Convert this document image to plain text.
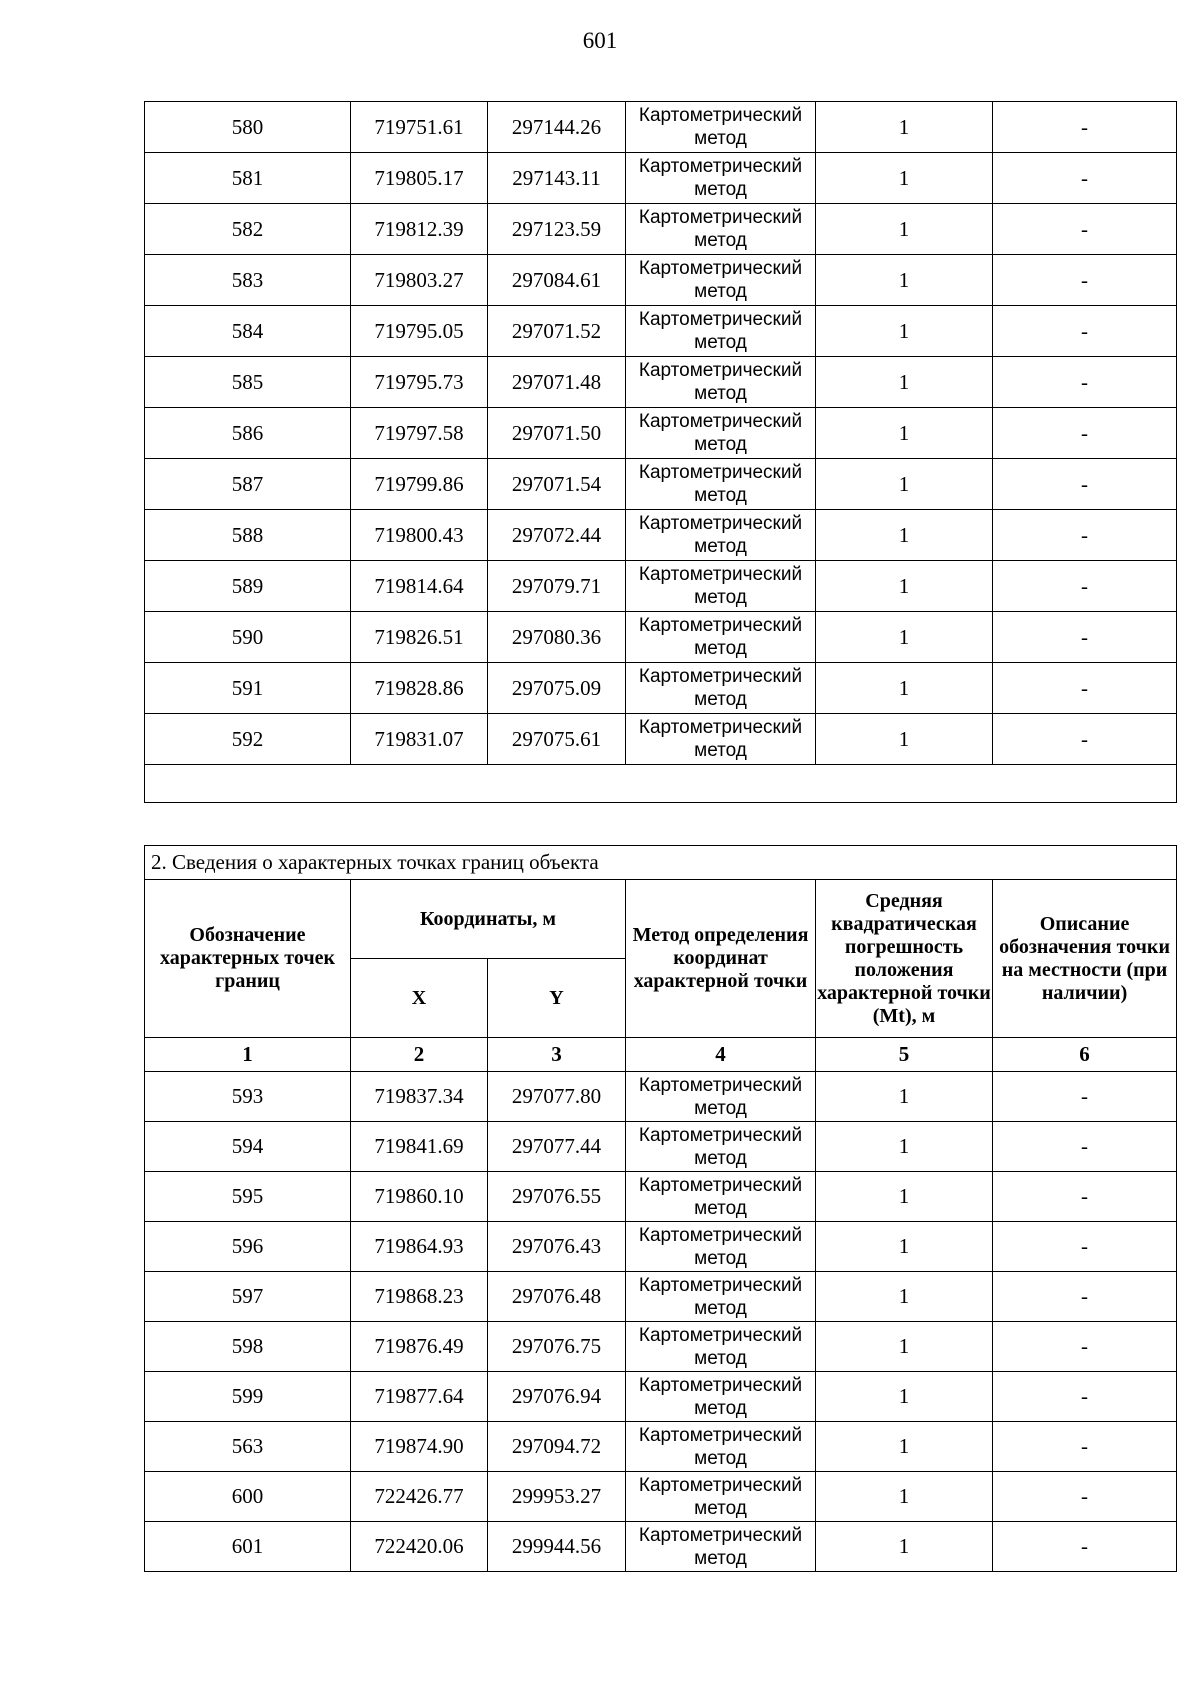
601
580	719751.61	297144.26	Картометрический метод	1	-
581	719805.17	297143.11	Картометрический метод	1	-
582	719812.39	297123.59	Картометрический метод	1	-
583	719803.27	297084.61	Картометрический метод	1	-
584	719795.05	297071.52	Картометрический метод	1	-
585	719795.73	297071.48	Картометрический метод	1	-
586	719797.58	297071.50	Картометрический метод	1	-
587	719799.86	297071.54	Картометрический метод	1	-
588	719800.43	297072.44	Картометрический метод	1	-
589	719814.64	297079.71	Картометрический метод	1	-
590	719826.51	297080.36	Картометрический метод	1	-
591	719828.86	297075.09	Картометрический метод	1	-
592	719831.07	297075.61	Картометрический метод	1	-

2. Сведения о характерных точках границ объекта					
Обозначение характерных точек границ	Координаты, м		Метод определения координат характерной точки	Средняя квадратическая погрешность положения характерной точки (Mt), м	Описание обозначения точки на местности (при наличии)
	X	Y			
1	2	3	4	5	6
593	719837.34	297077.80	Картометрический метод	1	-
594	719841.69	297077.44	Картометрический метод	1	-
595	719860.10	297076.55	Картометрический метод	1	-
596	719864.93	297076.43	Картометрический метод	1	-
597	719868.23	297076.48	Картометрический метод	1	-
598	719876.49	297076.75	Картометрический метод	1	-
599	719877.64	297076.94	Картометрический метод	1	-
563	719874.90	297094.72	Картометрический метод	1	-
600	722426.77	299953.27	Картометрический метод	1	-
601	722420.06	299944.56	Картометрический метод	1	-
